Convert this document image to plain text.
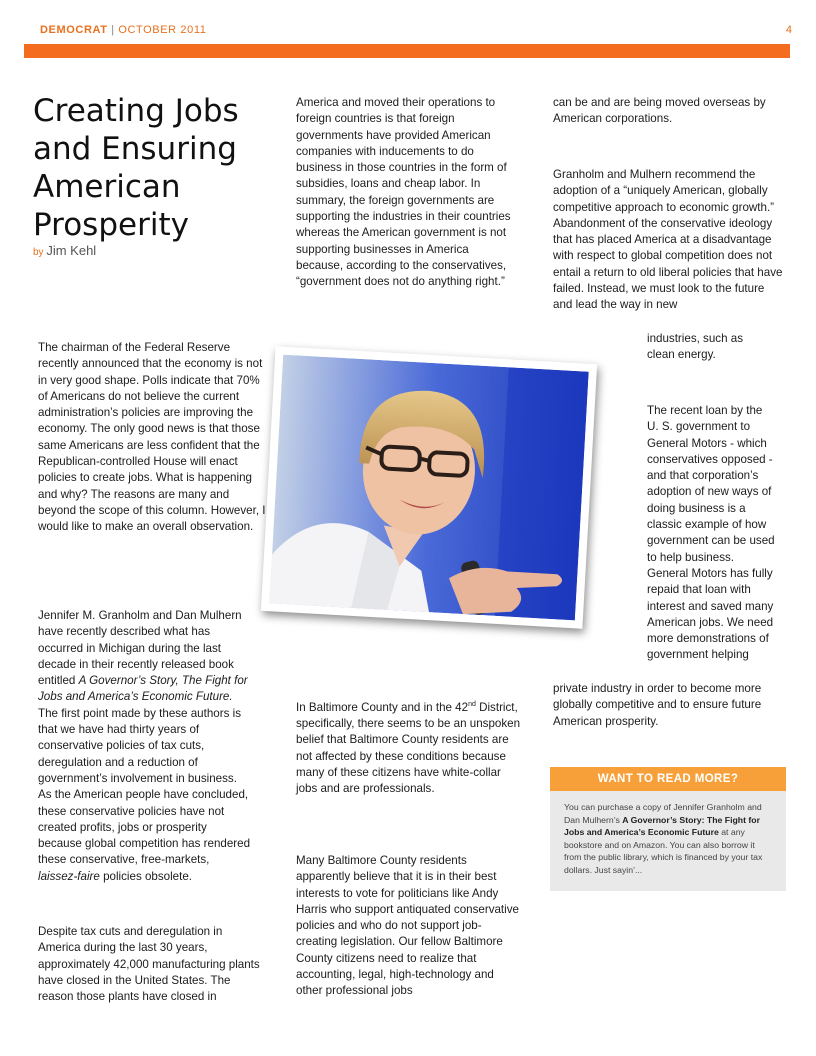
DEMOCRAT | OCTOBER 2011	4
Creating Jobs and Ensuring American Prosperity
by Jim Kehl

The chairman of the Federal Reserve recently announced that the economy is not in very good shape. Polls indicate that 70% of Americans do not believe the current administration’s policies are improving the economy. The only good news is that those same Americans are less confident that the Republican-controlled House will enact policies to create jobs. What is happening and why? The reasons are many and beyond the scope of this column. However, I would like to make an overall observation.

Jennifer M. Granholm and Dan Mulhern have recently described what has occurred in Michigan during the last decade in their recently released book entitled A Governor’s Story, The Fight for Jobs and America’s Economic Future. The first point made by these authors is that we have had thirty years of conservative policies of tax cuts, deregulation and a reduction of government’s involvement in business. As the American people have concluded, these conservative policies have not created profits, jobs or prosperity because global competition has rendered these conservative, free-markets, laissez-faire policies obsolete.

Despite tax cuts and deregulation in America during the last 30 years, approximately 42,000 manufacturing plants have closed in the United States. The reason those plants have closed in

America and moved their operations to foreign countries is that foreign governments have provided American companies with inducements to do business in those countries in the form of subsidies, loans and cheap labor. In summary, the foreign governments are supporting the industries in their countries whereas the American government is not supporting businesses in America because, according to the conservatives, “government does not do anything right.”

In Baltimore County and in the 42nd District, specifically, there seems to be an unspoken belief that Baltimore County residents are not affected by these conditions because many of these citizens have white-collar jobs and are professionals.

Many Baltimore County residents apparently believe that it is in their best interests to vote for politicians like Andy Harris who support antiquated conservative policies and who do not support job-creating legislation. Our fellow Baltimore County citizens need to realize that accounting, legal, high-technology and other professional jobs

can be and are being moved overseas by American corporations.

Granholm and Mulhern recommend the adoption of a “uniquely American, globally competitive approach to economic growth.” Abandonment of the conservative ideology that has placed America at a disadvantage with respect to global competition does not entail a return to old liberal policies that have failed. Instead, we must look to the future and lead the way in new

industries, such as clean energy.

The recent loan by the U. S. government to General Motors - which conservatives opposed - and that corporation’s adoption of new ways of doing business is a classic example of how government can be used to help business. General Motors has fully repaid that loan with interest and saved many American jobs. We need more demonstrations of government helping

private industry in order to become more globally competitive and to ensure future American prosperity.

WANT TO READ MORE?
You can purchase a copy of Jennifer Granholm and Dan Mulhern’s A Governor’s Story: The Fight for Jobs and America’s Economic Future at any bookstore and on Amazon. You can also borrow it from the public library, which is financed by your tax dollars. Just sayin’...
